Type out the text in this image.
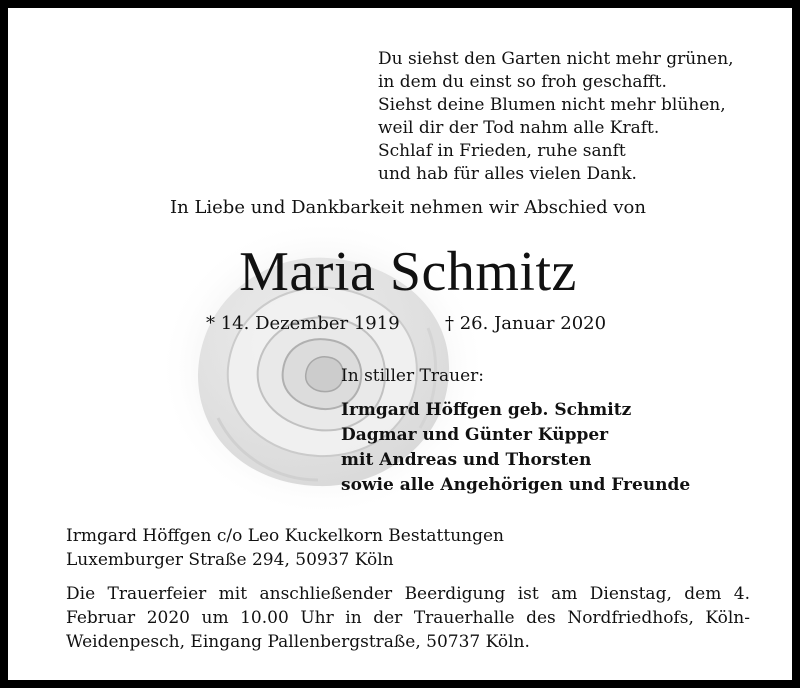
Du siehst den Garten nicht mehr grünen,
in dem du einst so froh geschafft.
Siehst deine Blumen nicht mehr blühen,
weil dir der Tod nahm alle Kraft.
Schlaf in Frieden, ruhe sanft
und hab für alles vielen Dank.
In Liebe und Dankbarkeit nehmen wir Abschied von
Maria Schmitz
* 14. Dezember 1919	† 26. Januar 2020
In stiller Trauer:
Irmgard Höffgen geb. Schmitz
Dagmar und Günter Küpper
mit Andreas und Thorsten
sowie alle Angehörigen und Freunde
Irmgard Höffgen c/o Leo Kuckelkorn Bestattungen
Luxemburger Straße 294, 50937 Köln
Die Trauerfeier mit anschließender Beerdigung ist am Dienstag, dem 4. Februar 2020 um 10.00 Uhr in der Trauerhalle des Nordfriedhofs, Köln-Weidenpesch, Eingang Pallenbergstraße, 50737 Köln.
